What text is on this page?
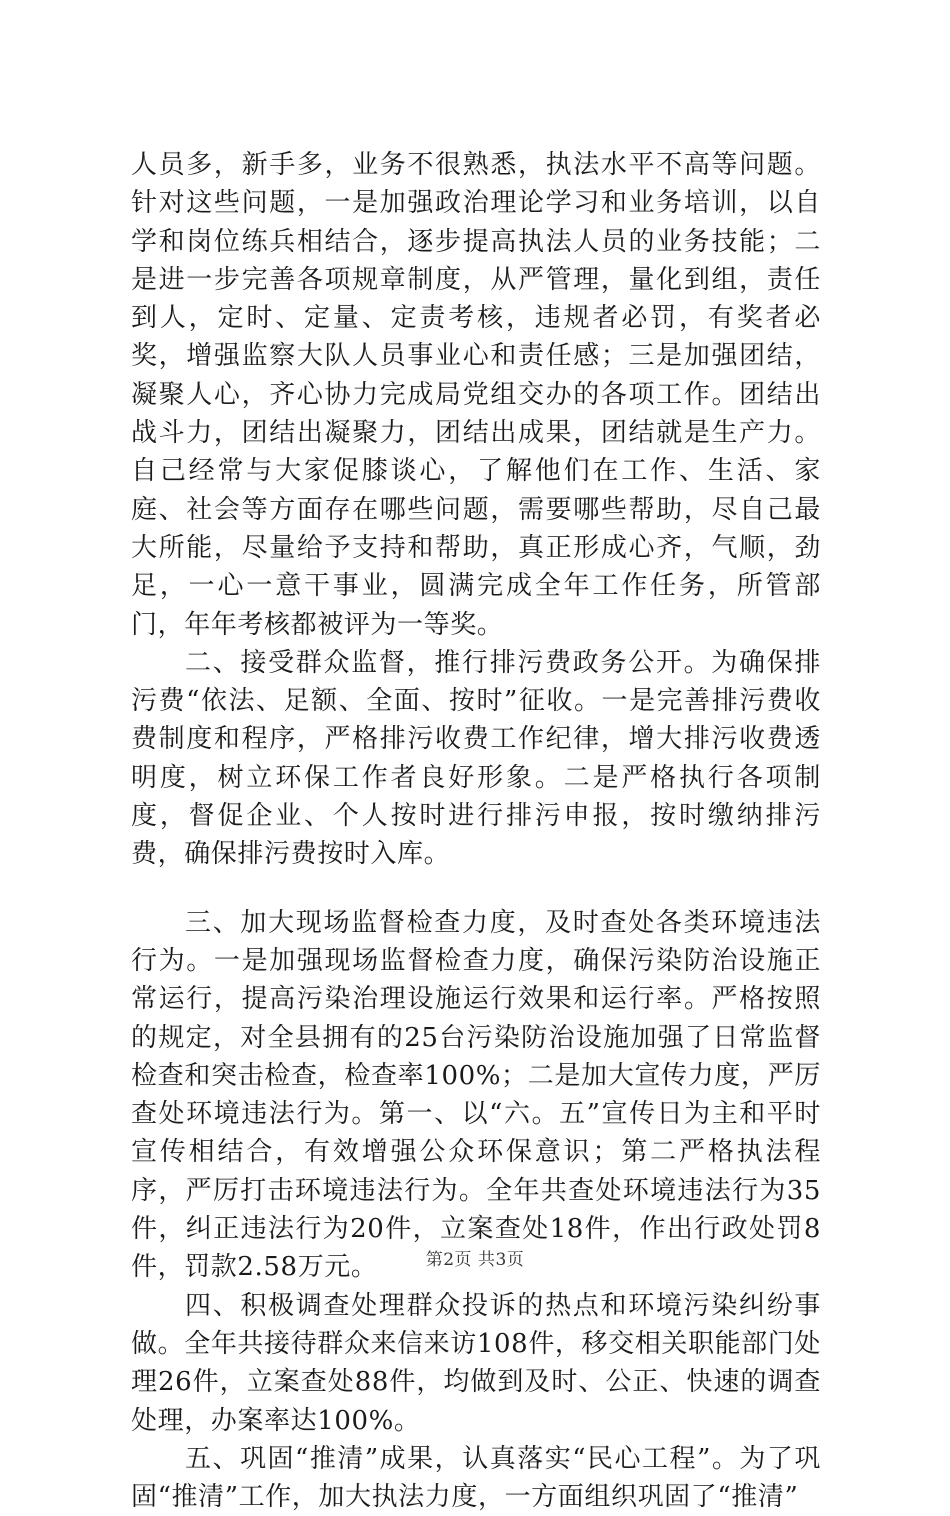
人员多，新手多，业务不很熟悉，执法水平不高等问题。针对这些问题，一是加强政治理论学习和业务培训，以自学和岗位练兵相结合，逐步提高执法人员的业务技能；二是进一步完善各项规章制度，从严管理，量化到组，责任到人，定时、定量、定责考核，违规者必罚，有奖者必奖，增强监察大队人员事业心和责任感；三是加强团结，凝聚人心，齐心协力完成局党组交办的各项工作。团结出战斗力，团结出凝聚力，团结出成果，团结就是生产力。自己经常与大家促膝谈心，了解他们在工作、生活、家庭、社会等方面存在哪些问题，需要哪些帮助，尽自己最大所能，尽量给予支持和帮助，真正形成心齐，气顺，劲足，一心一意干事业，圆满完成全年工作任务，所管部门，年年考核都被评为一等奖。

二、接受群众监督，推行排污费政务公开。为确保排污费“依法、足额、全面、按时”征收。一是完善排污费收费制度和程序，严格排污收费工作纪律，增大排污收费透明度，树立环保工作者良好形象。二是严格执行各项制度，督促企业、个人按时进行排污申报，按时缴纳排污费，确保排污费按时入库。

三、加大现场监督检查力度，及时查处各类环境违法行为。一是加强现场监督检查力度，确保污染防治设施正常运行，提高污染治理设施运行效果和运行率。严格按照的规定，对全县拥有的25台污染防治设施加强了日常监督检查和突击检查，检查率100%；二是加大宣传力度，严厉查处环境违法行为。第一、以“六。五”宣传日为主和平时宣传相结合，有效增强公众环保意识；第二严格执法程序，严厉打击环境违法行为。全年共查处环境违法行为35件，纠正违法行为20件，立案查处18件，作出行政处罚8件，罚款2.58万元。

四、积极调查处理群众投诉的热点和环境污染纠纷事做。全年共接待群众来信来访108件，移交相关职能部门处理26件，立案查处88件，均做到及时、公正、快速的调查处理，办案率达100%。

五、巩固“推清”成果，认真落实“民心工程”。为了巩固“推清”工作，加大执法力度，一方面组织巩固了“推清”

第2页 共3页
